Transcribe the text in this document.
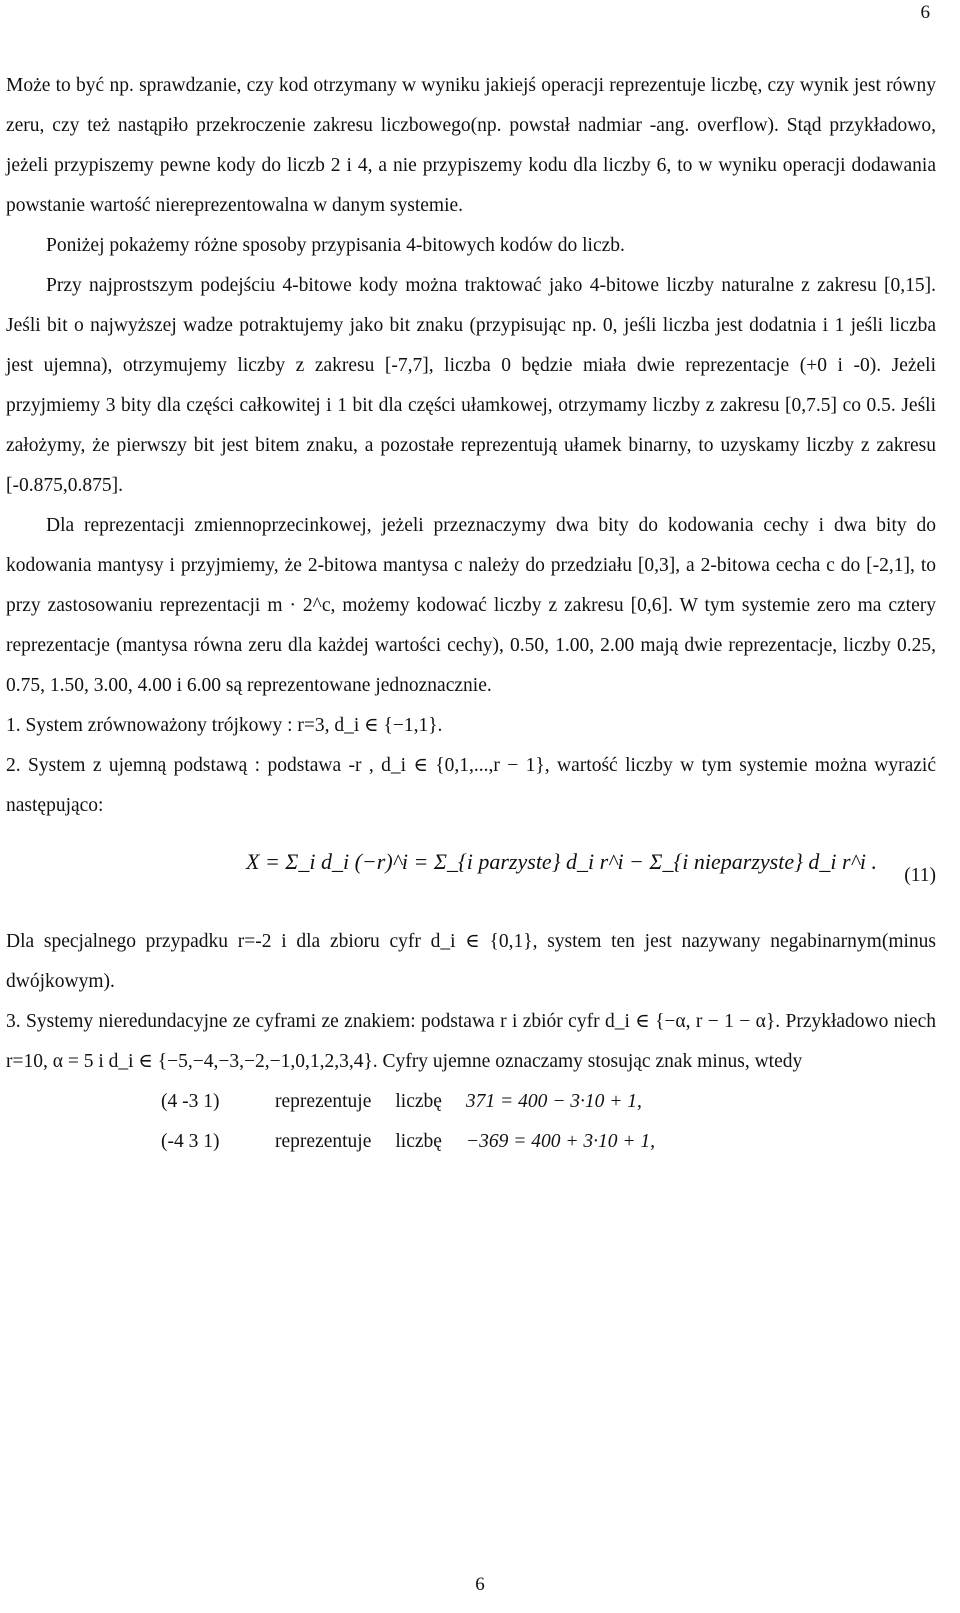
6

Może to być np. sprawdzanie, czy kod otrzymany w wyniku jakiejś operacji reprezentuje liczbę, czy wynik jest równy zeru, czy też nastąpiło przekroczenie zakresu liczbowego(np. powstał nadmiar -ang. overflow). Stąd przykładowo, jeżeli przypiszemy pewne kody do liczb 2 i 4, a nie przypiszemy kodu dla liczby 6, to w wyniku operacji dodawania powstanie wartość niereprezentowalna w danym systemie.

Poniżej pokażemy różne sposoby przypisania 4-bitowych kodów do liczb.

Przy najprostszym podejściu 4-bitowe kody można traktować jako 4-bitowe liczby naturalne z zakresu [0,15]. Jeśli bit o najwyższej wadze potraktujemy jako bit znaku (przypisując np. 0, jeśli liczba jest dodatnia i 1 jeśli liczba jest ujemna), otrzymujemy liczby z zakresu [-7,7], liczba 0 będzie miała dwie reprezentacje (+0 i -0). Jeżeli przyjmiemy 3 bity dla części całkowitej i 1 bit dla części ułamkowej, otrzymamy liczby z zakresu [0,7.5] co 0.5. Jeśli założymy, że pierwszy bit jest bitem znaku, a pozostałe reprezentują ułamek binarny, to uzyskamy liczby z zakresu [-0.875,0.875].

Dla reprezentacji zmiennoprzecinkowej, jeżeli przeznaczymy dwa bity do kodowania cechy i dwa bity do kodowania mantysy i przyjmiemy, że 2-bitowa mantysa c należy do przedziału [0,3], a 2-bitowa cecha c do [-2,1], to przy zastosowaniu reprezentacji m · 2^c, możemy kodować liczby z zakresu [0,6]. W tym systemie zero ma cztery reprezentacje (mantysa równa zeru dla każdej wartości cechy), 0.50, 1.00, 2.00 mają dwie reprezentacje, liczby 0.25, 0.75, 1.50, 3.00, 4.00 i 6.00 są reprezentowane jednoznacznie.

1. System zrównoważony trójkowy : r=3, d_i ∈ {−1,1}.

2. System z ujemną podstawą : podstawa -r , d_i ∈ {0,1,...,r − 1}, wartość liczby w tym systemie można wyrazić następująco:

X = Σ_i d_i (−r)^i = Σ_{i parzyste} d_i r^i − Σ_{i nieparzyste} d_i r^i .
(11)

Dla specjalnego przypadku r=-2 i dla zbioru cyfr d_i ∈ {0,1}, system ten jest nazywany negabinarnym(minus dwójkowym).

3. Systemy nieredundacyjne ze cyframi ze znakiem: podstawa r i zbiór cyfr d_i ∈ {−α, r − 1 − α}. Przykładowo niech r=10, α = 5 i d_i ∈ {−5,−4,−3,−2,−1,0,1,2,3,4}. Cyfry ujemne oznaczamy stosując znak minus, wtedy

(4 -3 1)	reprezentuje liczbę 371 = 400 − 3·10 + 1,
(-4 3 1)	reprezentuje liczbę −369 = 400 + 3·10 + 1,
6
